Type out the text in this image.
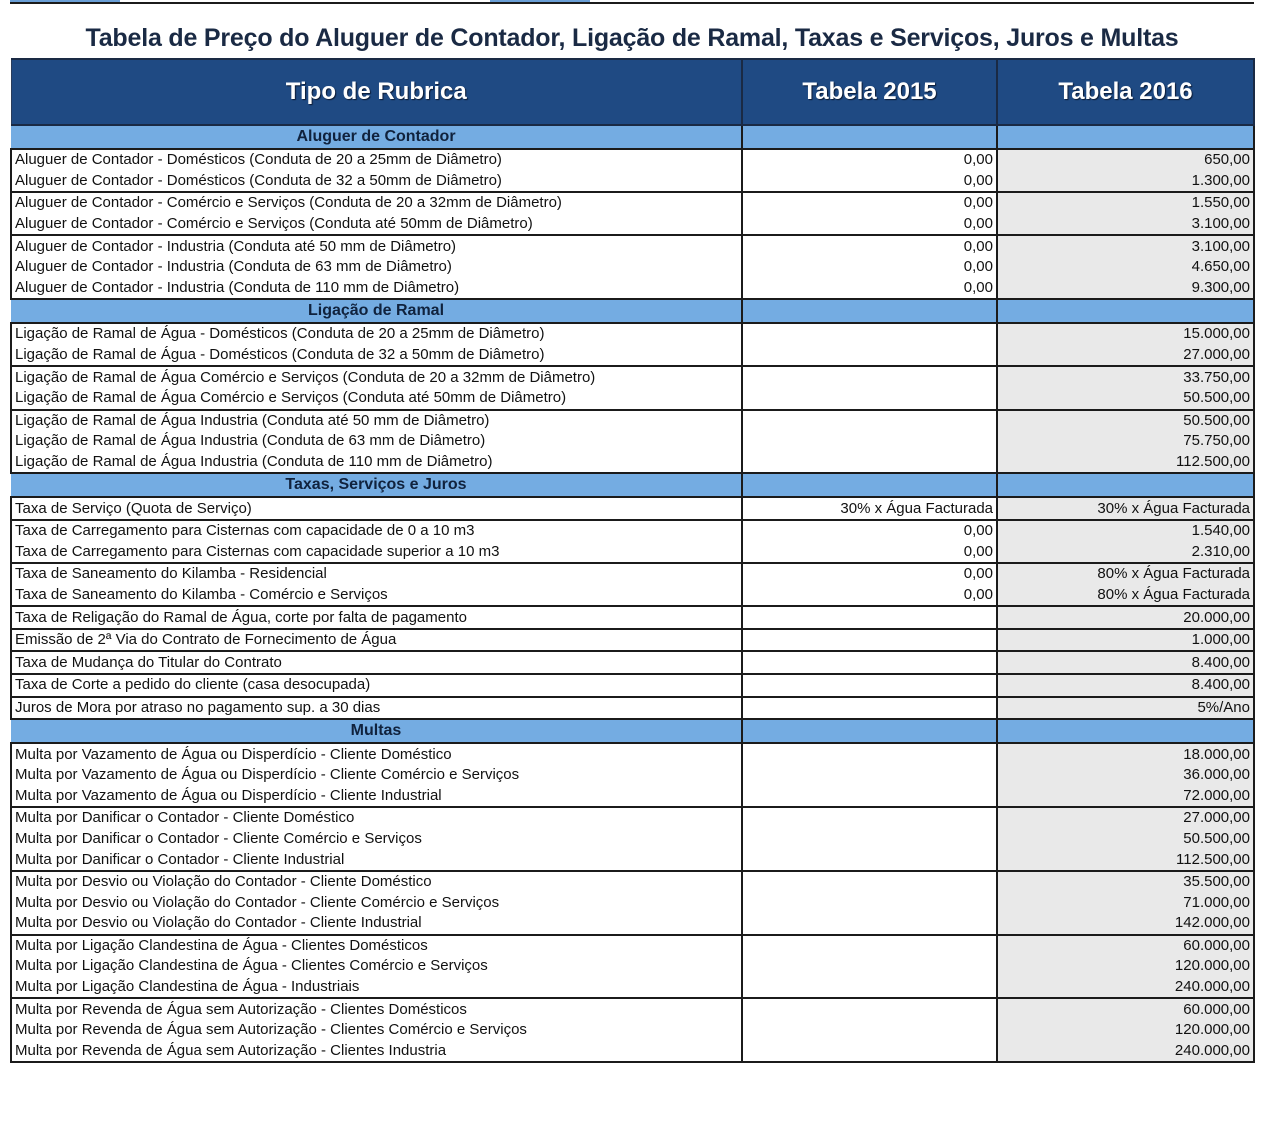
Tabela de Preço do Aluguer de Contador, Ligação de Ramal, Taxas e Serviços, Juros e Multas
Tipo de Rubrica	Tabela 2015	Tabela 2016
Aluguer de Contador		
Aluguer de Contador - Domésticos (Conduta de 20 a 25mm de Diâmetro)	0,00	650,00
Aluguer de Contador - Domésticos (Conduta de 32 a 50mm de Diâmetro)	0,00	1.300,00
Aluguer de Contador - Comércio e Serviços (Conduta de 20 a 32mm de Diâmetro)	0,00	1.550,00
Aluguer de Contador - Comércio e Serviços (Conduta até 50mm de Diâmetro)	0,00	3.100,00
Aluguer de Contador - Industria (Conduta até 50 mm de Diâmetro)	0,00	3.100,00
Aluguer de Contador - Industria (Conduta de 63 mm de Diâmetro)	0,00	4.650,00
Aluguer de Contador - Industria (Conduta de 110 mm de Diâmetro)	0,00	9.300,00
Ligação de Ramal		
Ligação de Ramal de Água - Domésticos (Conduta de 20 a 25mm de Diâmetro)		15.000,00
Ligação de Ramal de Água - Domésticos (Conduta de 32 a 50mm de Diâmetro)		27.000,00
Ligação de Ramal de Água Comércio e Serviços (Conduta de 20 a 32mm de Diâmetro)		33.750,00
Ligação de Ramal de Água Comércio e Serviços (Conduta até 50mm de Diâmetro)		50.500,00
Ligação de Ramal de Água Industria (Conduta até 50 mm de Diâmetro)		50.500,00
Ligação de Ramal de Água Industria (Conduta de 63 mm de Diâmetro)		75.750,00
Ligação de Ramal de Água Industria (Conduta de 110 mm de Diâmetro)		112.500,00
Taxas, Serviços e Juros		
Taxa de Serviço (Quota de Serviço)	30% x Água Facturada	30% x Água Facturada
Taxa de Carregamento para Cisternas com capacidade de 0 a 10 m3	0,00	1.540,00
Taxa de Carregamento para Cisternas com capacidade superior a 10 m3	0,00	2.310,00
Taxa de Saneamento do Kilamba - Residencial	0,00	80% x Água Facturada
Taxa de Saneamento do Kilamba - Comércio e Serviços	0,00	80% x Água Facturada
Taxa de Religação do Ramal de Água, corte por falta de pagamento		20.000,00
Emissão de 2ª Via do Contrato de Fornecimento de Água		1.000,00
Taxa de Mudança do Titular do Contrato		8.400,00
Taxa de Corte a pedido do cliente (casa desocupada)		8.400,00
Juros de Mora por atraso no pagamento sup. a 30 dias		5%/Ano
Multas		
Multa por Vazamento de Água ou Disperdício - Cliente Doméstico		18.000,00
Multa por Vazamento de Água ou Disperdício - Cliente Comércio e Serviços		36.000,00
Multa por Vazamento de Água ou Disperdício - Cliente Industrial		72.000,00
Multa por Danificar o Contador - Cliente Doméstico		27.000,00
Multa por Danificar o Contador - Cliente Comércio e Serviços		50.500,00
Multa por Danificar o Contador - Cliente Industrial		112.500,00
Multa por Desvio ou Violação do Contador - Cliente Doméstico		35.500,00
Multa por Desvio ou Violação do Contador - Cliente Comércio e Serviços		71.000,00
Multa por Desvio ou Violação do Contador - Cliente Industrial		142.000,00
Multa por Ligação Clandestina de Água - Clientes Domésticos		60.000,00
Multa por Ligação Clandestina de Água - Clientes Comércio e Serviços		120.000,00
Multa por Ligação Clandestina de Água - Industriais		240.000,00
Multa por Revenda de Água sem Autorização - Clientes Domésticos		60.000,00
Multa por Revenda de Água sem Autorização - Clientes Comércio e Serviços		120.000,00
Multa por Revenda de Água sem Autorização - Clientes Industria		240.000,00
